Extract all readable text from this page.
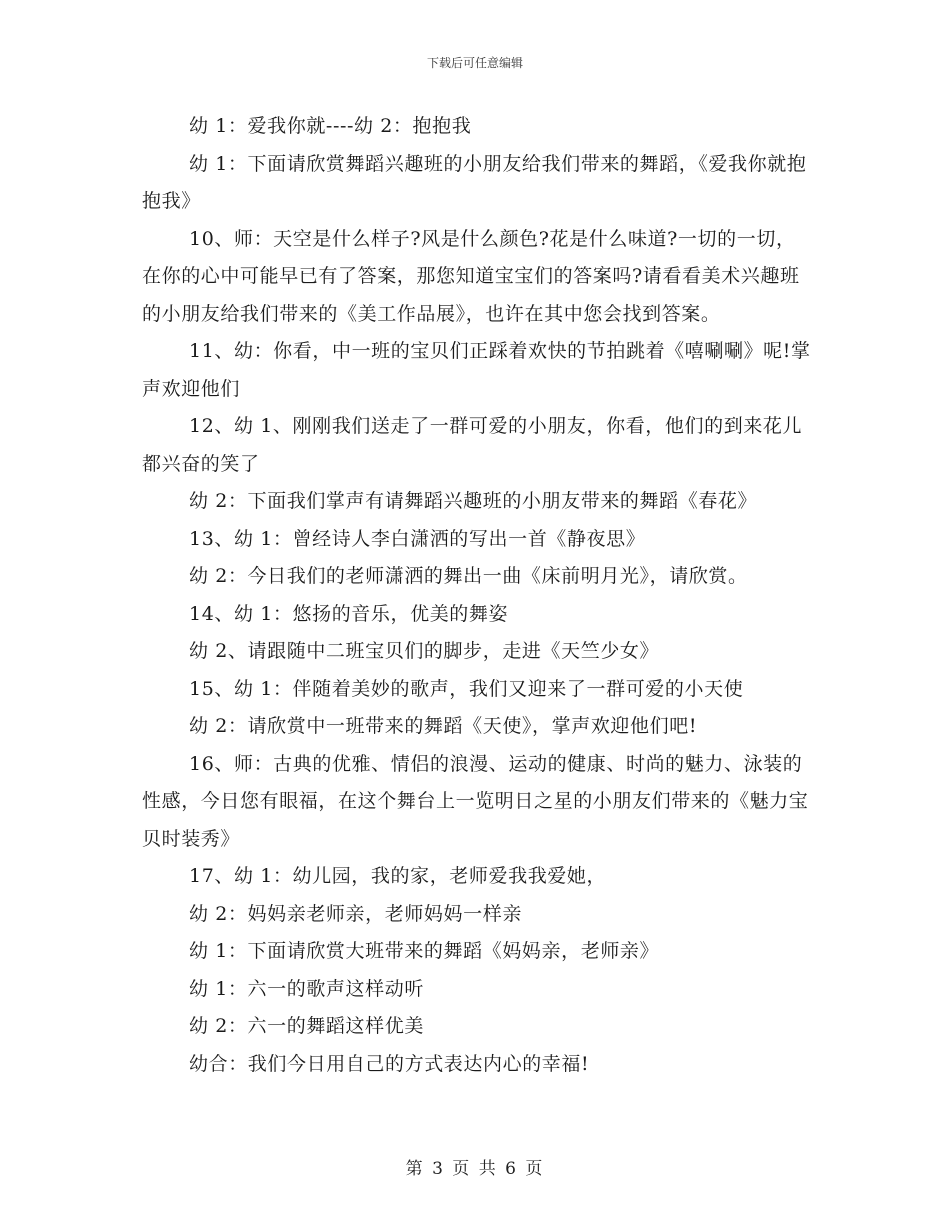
下载后可任意编辑

幼 1：爱我你就----幼 2：抱抱我

幼 1：下面请欣赏舞蹈兴趣班的小朋友给我们带来的舞蹈，《爱我你就抱抱我》

10、师：天空是什么样子?风是什么颜色?花是什么味道?一切的一切，在你的心中可能早已有了答案，那您知道宝宝们的答案吗?请看看美术兴趣班的小朋友给我们带来的《美工作品展》，也许在其中您会找到答案。

11、幼：你看，中一班的宝贝们正踩着欢快的节拍跳着《嘻唰唰》呢!掌声欢迎他们

12、幼 1、刚刚我们送走了一群可爱的小朋友，你看，他们的到来花儿都兴奋的笑了

幼 2：下面我们掌声有请舞蹈兴趣班的小朋友带来的舞蹈《春花》

13、幼 1：曾经诗人李白潇洒的写出一首《静夜思》

幼 2：今日我们的老师潇洒的舞出一曲《床前明月光》，请欣赏。

14、幼 1：悠扬的音乐，优美的舞姿

幼 2、请跟随中二班宝贝们的脚步，走进《天竺少女》

15、幼 1：伴随着美妙的歌声，我们又迎来了一群可爱的小天使

幼 2：请欣赏中一班带来的舞蹈《天使》，掌声欢迎他们吧!

16、师：古典的优雅、情侣的浪漫、运动的健康、时尚的魅力、泳装的性感，今日您有眼福，在这个舞台上一览明日之星的小朋友们带来的《魅力宝贝时装秀》

17、幼 1：幼儿园，我的家，老师爱我我爱她，

幼 2：妈妈亲老师亲，老师妈妈一样亲

幼 1：下面请欣赏大班带来的舞蹈《妈妈亲，老师亲》

幼 1：六一的歌声这样动听

幼 2：六一的舞蹈这样优美

幼合：我们今日用自己的方式表达内心的幸福!

第 3 页 共 6 页
